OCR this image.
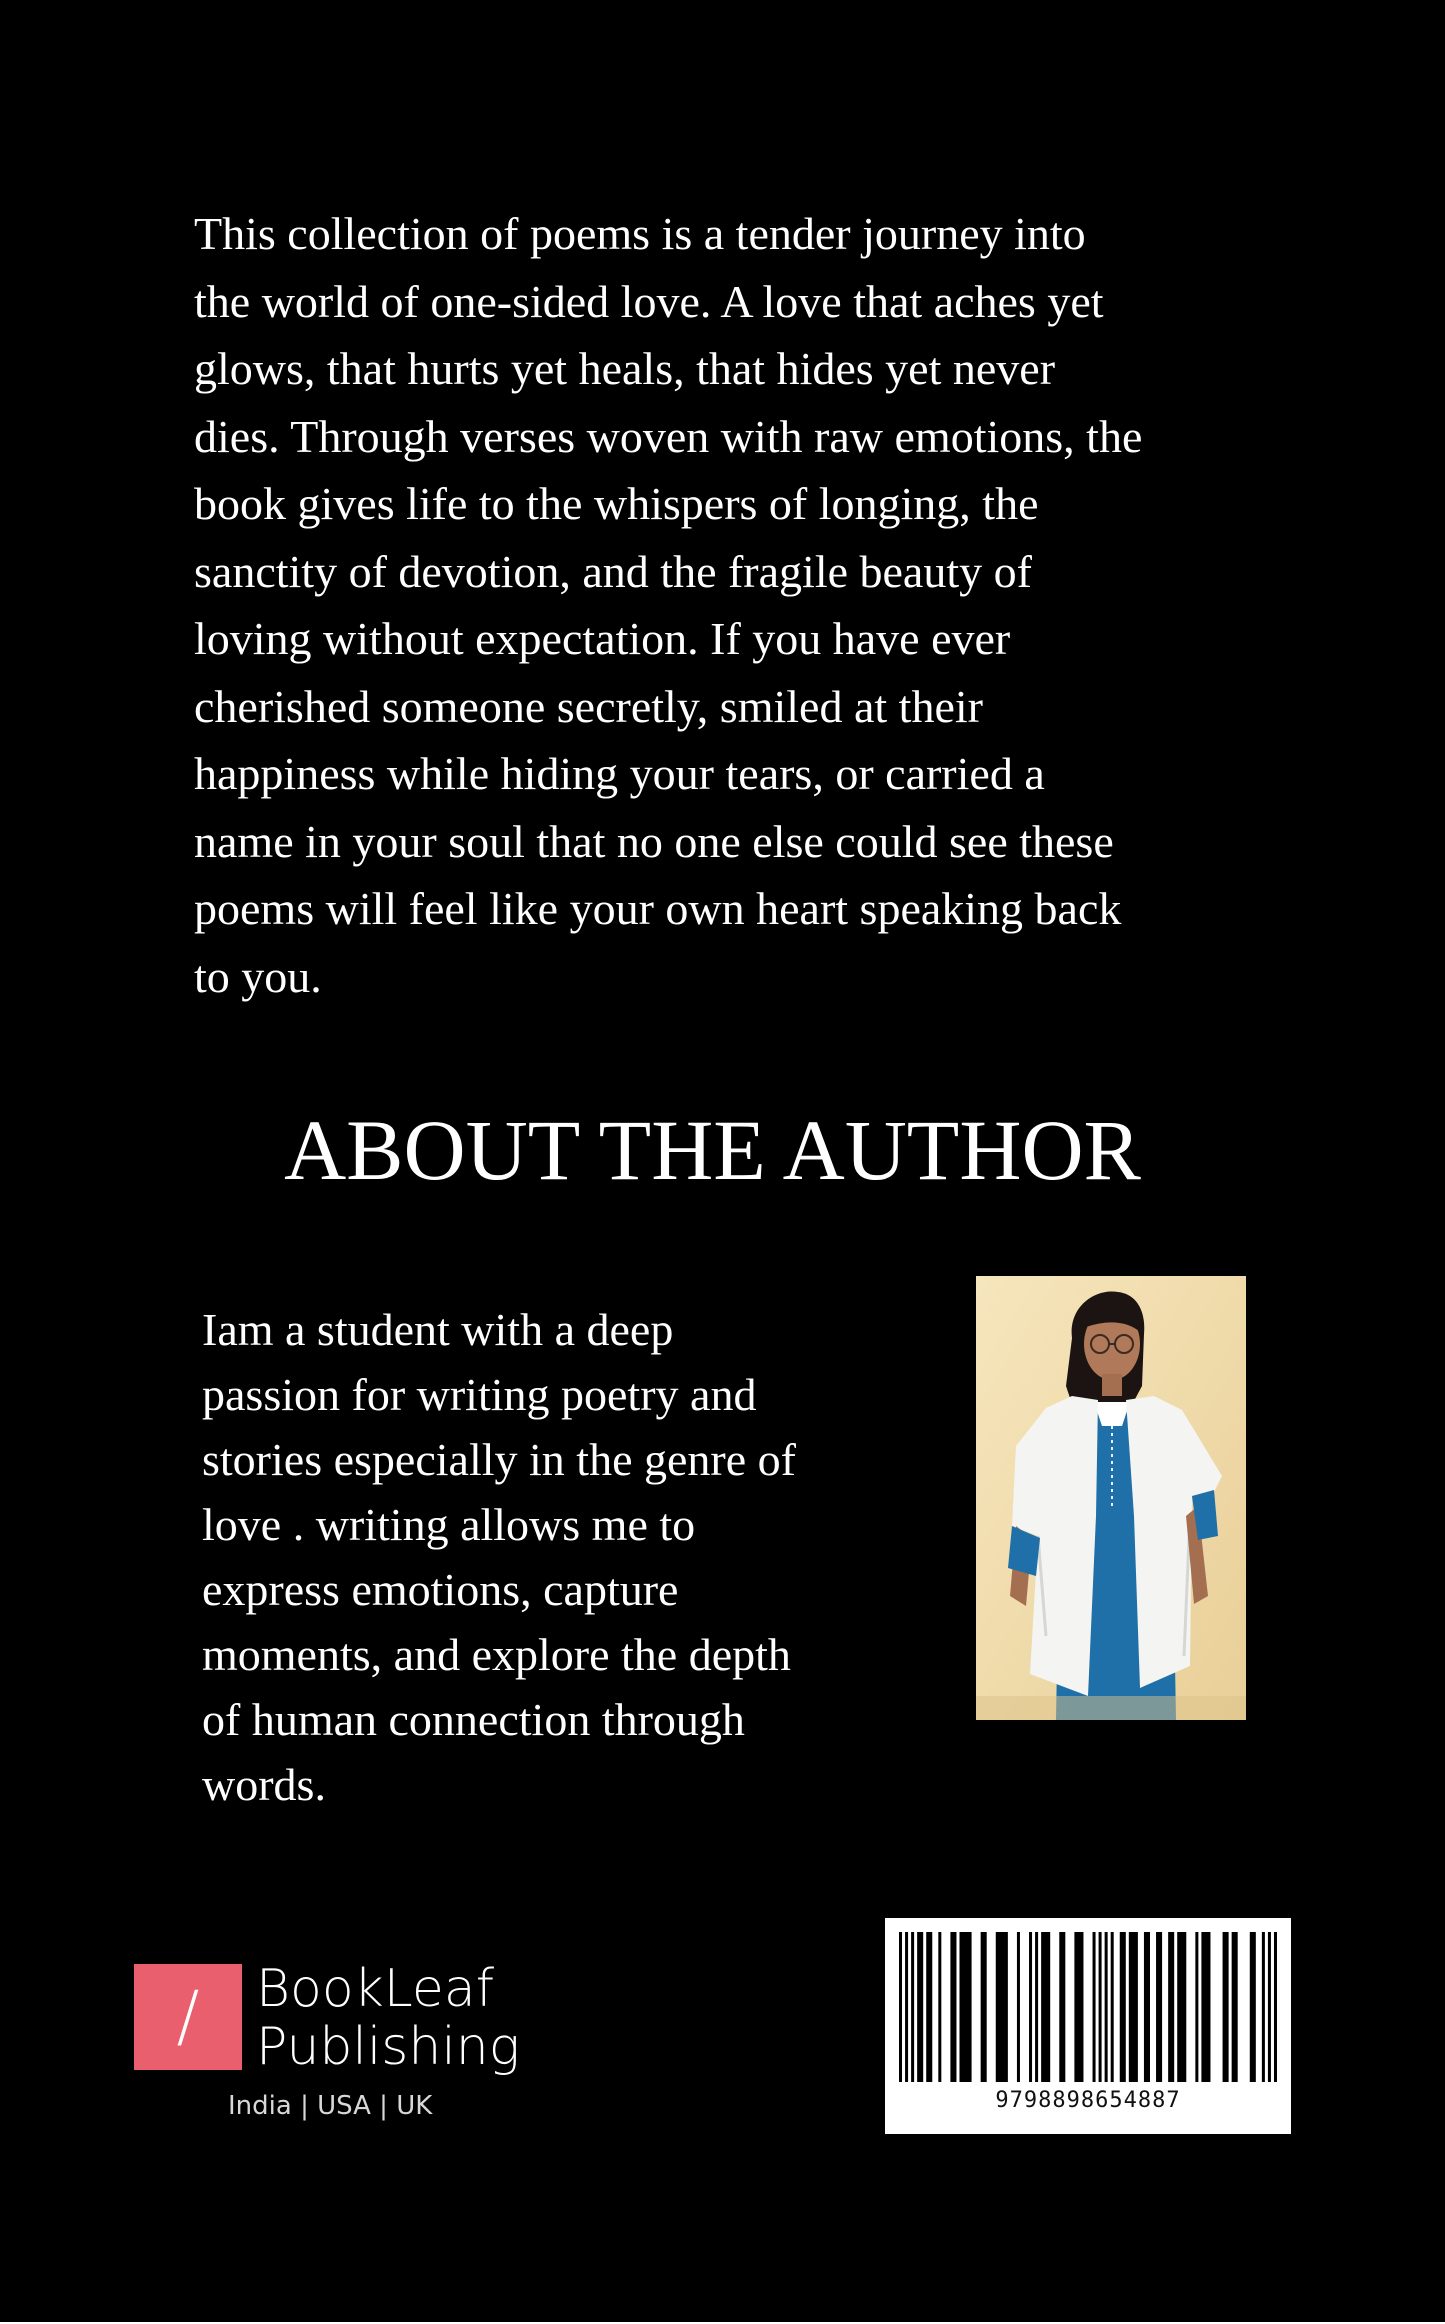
This collection of poems is a tender journey into
the world of one-sided love. A love that aches yet
glows, that hurts yet heals, that hides yet never
dies. Through verses woven with raw emotions, the
book gives life to the whispers of longing, the
sanctity of devotion, and the fragile beauty of
loving without expectation. If you have ever
cherished someone secretly, smiled at their
happiness while hiding your tears, or carried a
name in your soul that no one else could see these
poems will feel like your own heart speaking back
to you.

ABOUT THE AUTHOR

Iam a student with a deep
passion for writing poetry and
stories especially in the genre of
love . writing allows me to
express emotions, capture
moments, and explore the depth
of human connection through
words.

/	BookLeaf
Publishing

India | USA | UK	9798898654887
